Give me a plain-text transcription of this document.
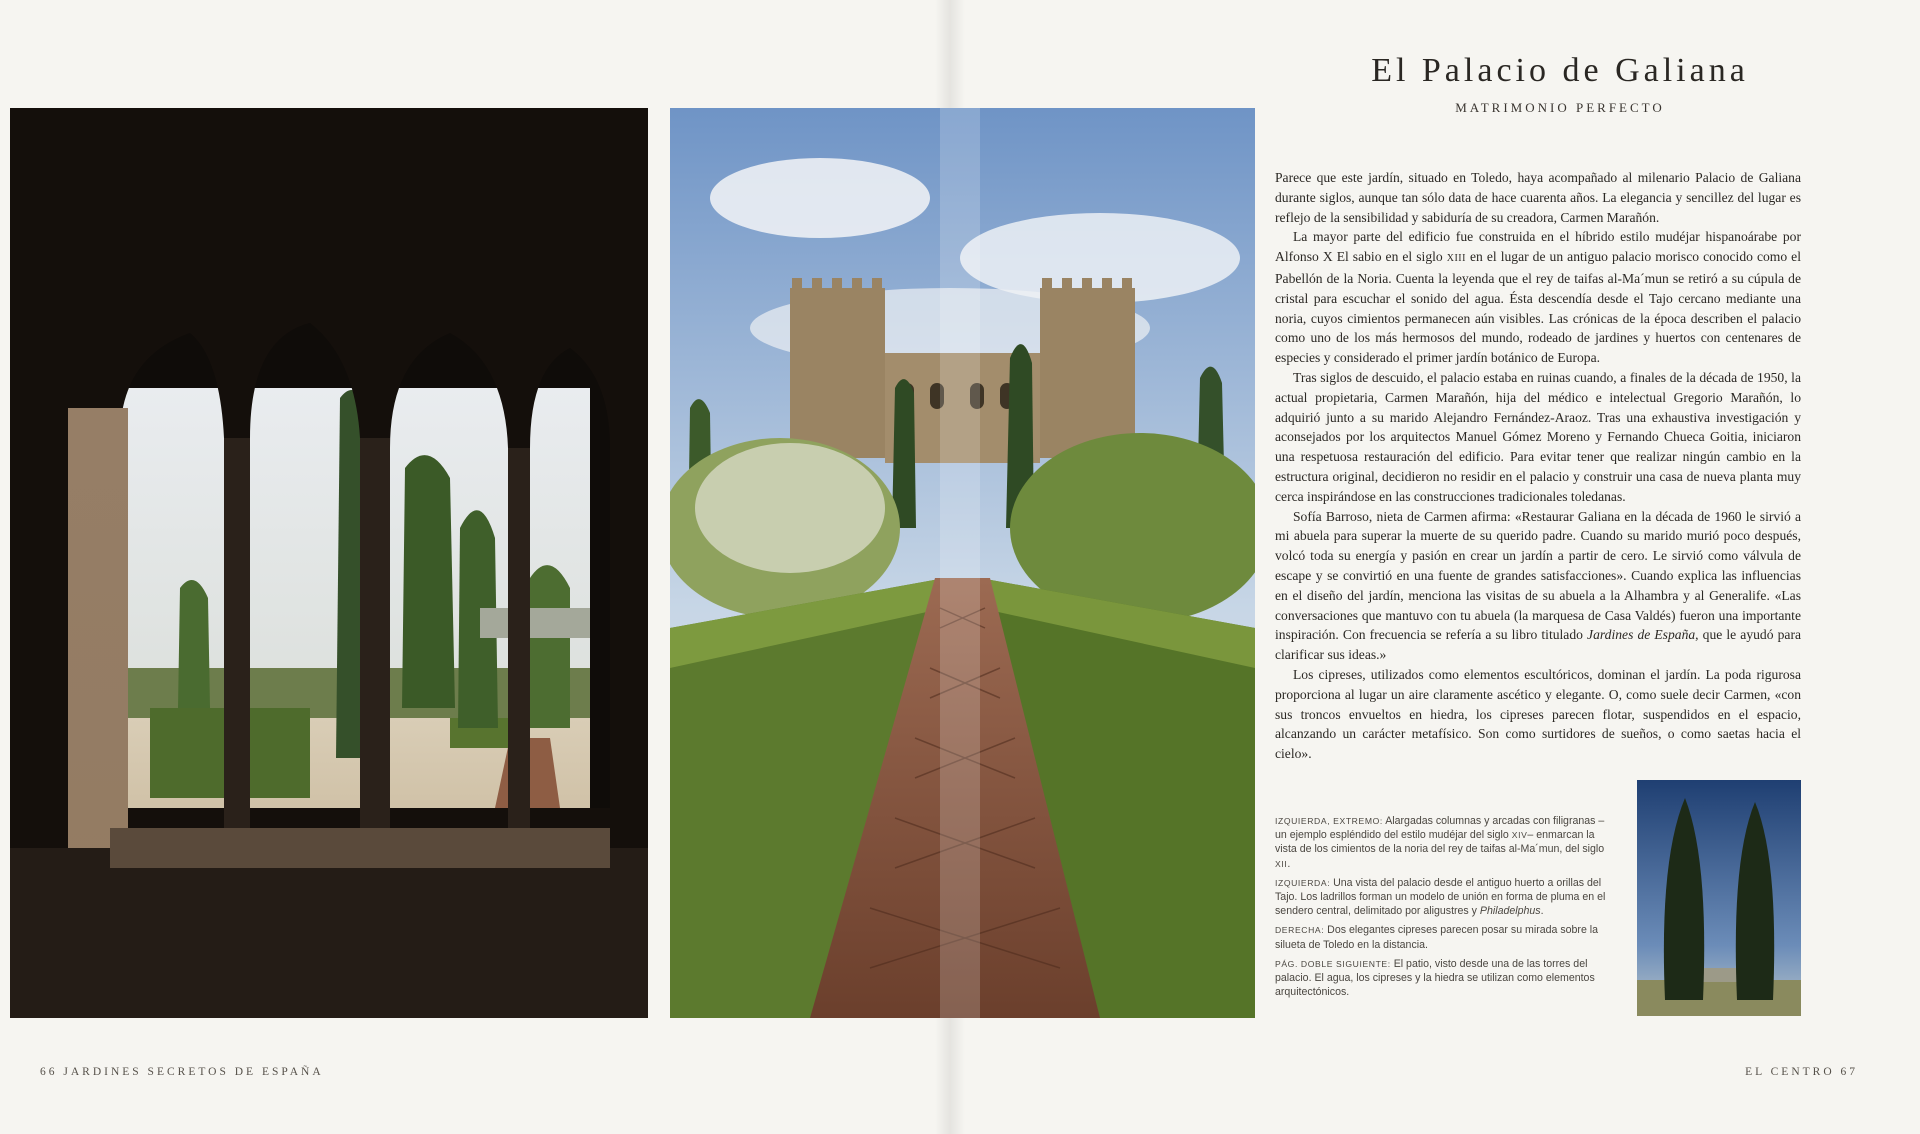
El Palacio de Galiana
MATRIMONIO PERFECTO

Parece que este jardín, situado en Toledo, haya acompañado al milenario Palacio de Galiana durante siglos, aunque tan sólo data de hace cuarenta años. La elegancia y sencillez del lugar es reflejo de la sensibilidad y sabiduría de su creadora, Carmen Marañón.

La mayor parte del edificio fue construida en el híbrido estilo mudéjar hispanoárabe por Alfonso X El sabio en el siglo XIII en el lugar de un antiguo palacio morisco conocido como el Pabellón de la Noria. Cuenta la leyenda que el rey de taifas al-Ma´mun se retiró a su cúpula de cristal para escuchar el sonido del agua. Ésta descendía desde el Tajo cercano mediante una noria, cuyos cimientos permanecen aún visibles. Las crónicas de la época describen el palacio como uno de los más hermosos del mundo, rodeado de jardines y huertos con centenares de especies y considerado el primer jardín botánico de Europa.

Tras siglos de descuido, el palacio estaba en ruinas cuando, a finales de la década de 1950, la actual propietaria, Carmen Marañón, hija del médico e intelectual Gregorio Marañón, lo adquirió junto a su marido Alejandro Fernández-Araoz. Tras una exhaustiva investigación y aconsejados por los arquitectos Manuel Gómez Moreno y Fernando Chueca Goitia, iniciaron una respetuosa restauración del edificio. Para evitar tener que realizar ningún cambio en la estructura original, decidieron no residir en el palacio y construir una casa de nueva planta muy cerca inspirándose en las construcciones tradicionales toledanas.

Sofía Barroso, nieta de Carmen afirma: «Restaurar Galiana en la década de 1960 le sirvió a mi abuela para superar la muerte de su querido padre. Cuando su marido murió poco después, volcó toda su energía y pasión en crear un jardín a partir de cero. Le sirvió como válvula de escape y se convirtió en una fuente de grandes satisfacciones». Cuando explica las influencias en el diseño del jardín, menciona las visitas de su abuela a la Alhambra y al Generalife. «Las conversaciones que mantuvo con tu abuela (la marquesa de Casa Valdés) fueron una importante inspiración. Con frecuencia se refería a su libro titulado Jardines de España, que le ayudó para clarificar sus ideas.»

Los cipreses, utilizados como elementos escultóricos, dominan el jardín. La poda rigurosa proporciona al lugar un aire claramente ascético y elegante. O, como suele decir Carmen, «con sus troncos envueltos en hiedra, los cipreses parecen flotar, suspendidos en el espacio, alcanzando un carácter metafísico. Son como surtidores de sueños, o como saetas hacia el cielo».

IZQUIERDA, EXTREMO: Alargadas columnas y arcadas con filigranas –un ejemplo espléndido del estilo mudéjar del siglo XIV– enmarcan la vista de los cimientos de la noria del rey de taifas al-Ma´mun, del siglo XII.

IZQUIERDA: Una vista del palacio desde el antiguo huerto a orillas del Tajo. Los ladrillos forman un modelo de unión en forma de pluma en el sendero central, delimitado por aligustres y Philadelphus.

DERECHA: Dos elegantes cipreses parecen posar su mirada sobre la silueta de Toledo en la distancia.

PÁG. DOBLE SIGUIENTE: El patio, visto desde una de las torres del palacio. El agua, los cipreses y la hiedra se utilizan como elementos arquitectónicos.

66 JARDINES SECRETOS DE ESPAÑA	EL CENTRO 67
